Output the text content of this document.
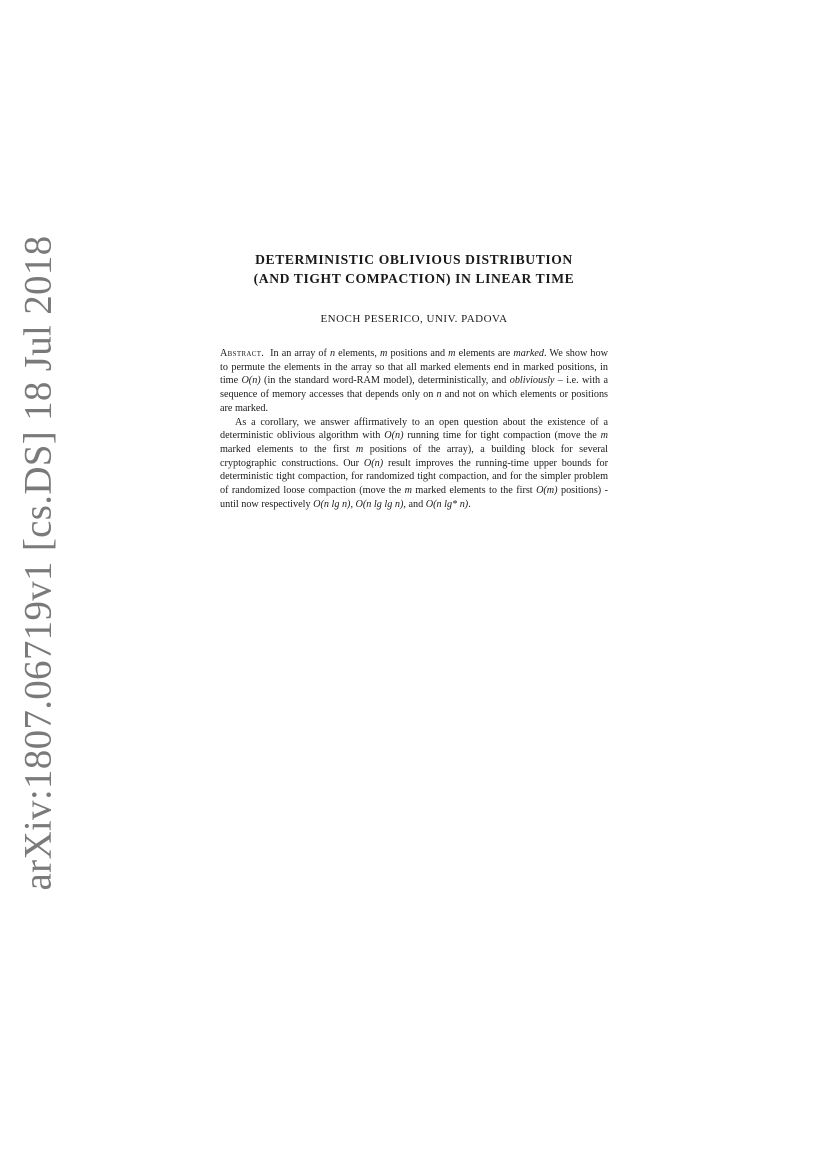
arXiv:1807.06719v1 [cs.DS] 18 Jul 2018	DETERMINISTIC OBLIVIOUS DISTRIBUTION
(AND TIGHT COMPACTION) IN LINEAR TIME
ENOCH PESERICO, UNIV. PADOVA

Abstract. In an array of n elements, m positions and m elements are marked. We show how to permute the elements in the array so that all marked elements end in marked positions, in time O(n) (in the standard word-RAM model), deterministically, and obliviously – i.e. with a sequence of memory accesses that depends only on n and not on which elements or positions are marked.

As a corollary, we answer affirmatively to an open question about the existence of a deterministic oblivious algorithm with O(n) running time for tight compaction (move the m marked elements to the first m positions of the array), a building block for several cryptographic constructions. Our O(n) result improves the running-time upper bounds for deterministic tight compaction, for randomized tight compaction, and for the simpler problem of randomized loose compaction (move the m marked elements to the first O(m) positions) - until now respectively O(n lg n), O(n lg lg n), and O(n lg* n).
